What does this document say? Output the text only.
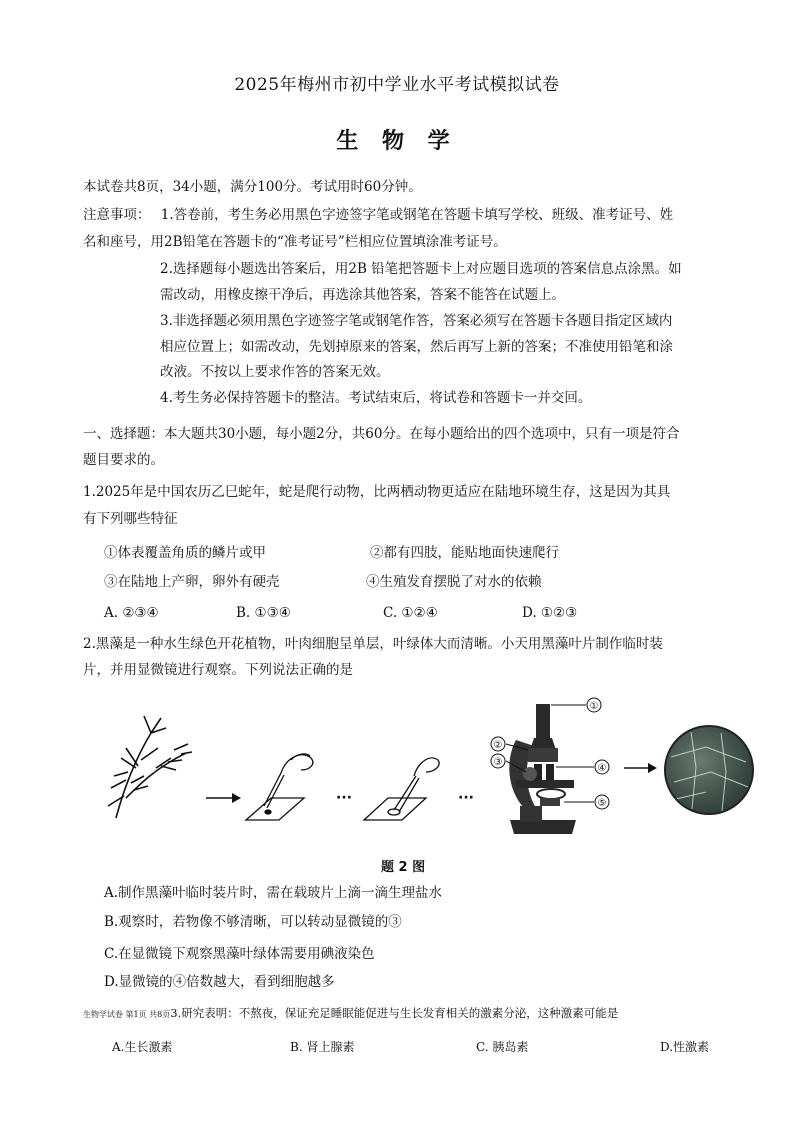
2025年梅州市初中学业水平考试模拟试卷
生 物 学
本试卷共8页，34小题，满分100分。考试用时60分钟。
注意事项： 1.答卷前，考生务必用黑色字迹签字笔或钢笔在答题卡填写学校、班级、准考证号、姓
名和座号，用2B铅笔在答题卡的“准考证号”栏相应位置填涂准考证号。
2.选择题每小题选出答案后，用2B 铅笔把答题卡上对应题目选项的答案信息点涂黑。如
需改动，用橡皮擦干净后，再选涂其他答案，答案不能答在试题上。
3.非选择题必须用黑色字迹签字笔或钢笔作答，答案必须写在答题卡各题目指定区域内
相应位置上；如需改动，先划掉原来的答案，然后再写上新的答案；不准使用铅笔和涂
改液。不按以上要求作答的答案无效。
4.考生务必保持答题卡的整洁。考试结束后，将试卷和答题卡一并交回。
一、选择题：本大题共30小题，每小题2分，共60分。在每小题给出的四个选项中，只有一项是符合
题目要求的。
1.2025年是中国农历乙巳蛇年，蛇是爬行动物，比两栖动物更适应在陆地环境生存，这是因为其具
有下列哪些特征
①体表覆盖角质的鳞片或甲	②都有四肢，能贴地面快速爬行
③在陆地上产卵，卵外有硬壳	④生殖发育摆脱了对水的依赖
A. ②③④	B. ①③④	C. ①②④	D. ①②③
2.黑藻是一种水生绿色开花植物，叶肉细胞呈单层，叶绿体大而清晰。小天用黑藻叶片制作临时装
片，并用显微镜进行观察。下列说法正确的是
···	···
①
②
③
④
⑤
题 2 图
A.制作黑藻叶临时装片时，需在载玻片上滴一滴生理盐水
B.观察时，若物像不够清晰，可以转动显微镜的③
C.在显微镜下观察黑藻叶绿体需要用碘液染色
D.显微镜的④倍数越大，看到细胞越多
生物学试卷 第1页 共8页3.研究表明：不熬夜，保证充足睡眠能促进与生长发育相关的激素分泌，这种激素可能是
A.生长激素	B. 肾上腺素	C. 胰岛素	D.性激素
